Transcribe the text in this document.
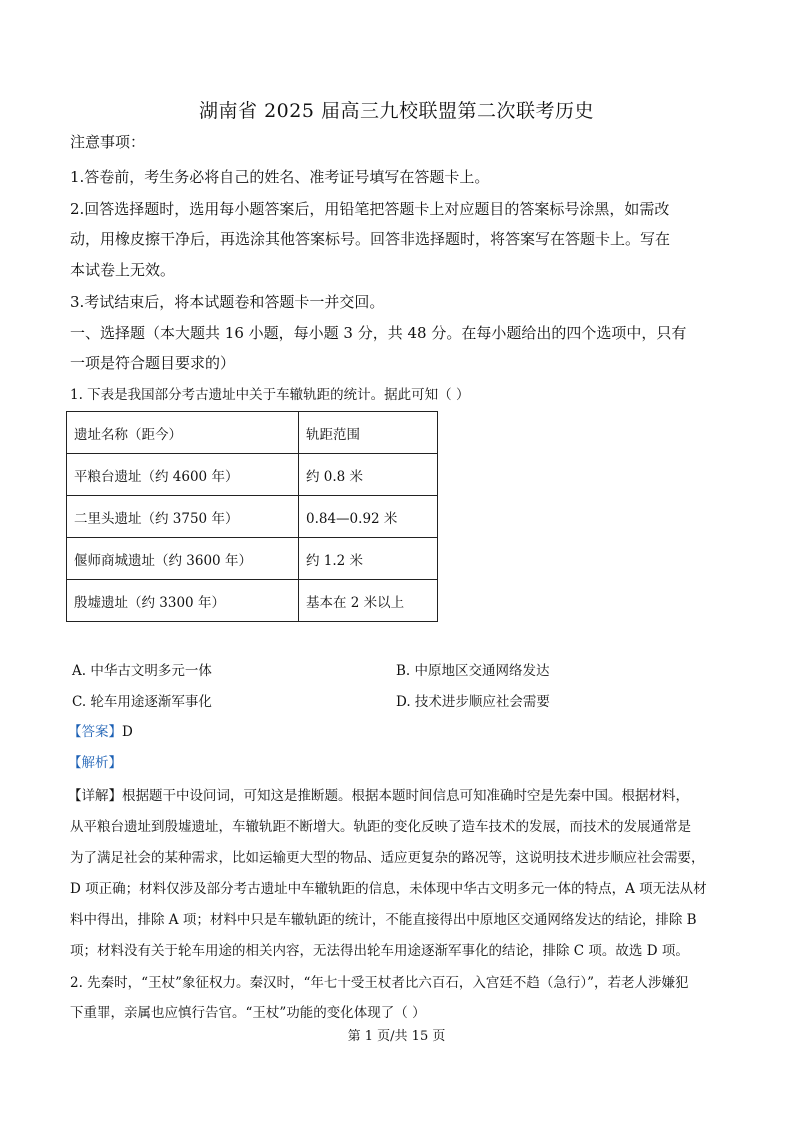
湖南省 2025 届高三九校联盟第二次联考历史
注意事项：
1.答卷前，考生务必将自己的姓名、准考证号填写在答题卡上。
2.回答选择题时，选用每小题答案后，用铅笔把答题卡上对应题目的答案标号涂黑，如需改
动，用橡皮擦干净后，再选涂其他答案标号。回答非选择题时，将答案写在答题卡上。写在
本试卷上无效。
3.考试结束后，将本试题卷和答题卡一并交回。
一、选择题（本大题共 16 小题，每小题 3 分，共 48 分。在每小题给出的四个选项中，只有
一项是符合题目要求的）
1. 下表是我国部分考古遗址中关于车辙轨距的统计。据此可知（ ）
遗址名称（距今）	轨距范围
平粮台遗址（约 4600 年）	约 0.8 米
二里头遗址（约 3750 年）	0.84—0.92 米
偃师商城遗址（约 3600 年）	约 1.2 米
殷墟遗址（约 3300 年）	基本在 2 米以上
A. 中华古文明多元一体	B. 中原地区交通网络发达
C. 轮车用途逐渐军事化	D. 技术进步顺应社会需要
【答案】D
【解析】
【详解】根据题干中设问词，可知这是推断题。根据本题时间信息可知准确时空是先秦中国。根据材料，
从平粮台遗址到殷墟遗址，车辙轨距不断增大。轨距的变化反映了造车技术的发展，而技术的发展通常是
为了满足社会的某种需求，比如运输更大型的物品、适应更复杂的路况等，这说明技术进步顺应社会需要，
D 项正确；材料仅涉及部分考古遗址中车辙轨距的信息，未体现中华古文明多元一体的特点，A 项无法从材
料中得出，排除 A 项；材料中只是车辙轨距的统计，不能直接得出中原地区交通网络发达的结论，排除 B
项；材料没有关于轮车用途的相关内容，无法得出轮车用途逐渐军事化的结论，排除 C 项。故选 D 项。
2. 先秦时，“王杖”象征权力。秦汉时，“年七十受王杖者比六百石，入宫廷不趋（急行）”，若老人涉嫌犯
下重罪，亲属也应慎行告官。“王杖”功能的变化体现了（ ）
第 1 页/共 15 页
